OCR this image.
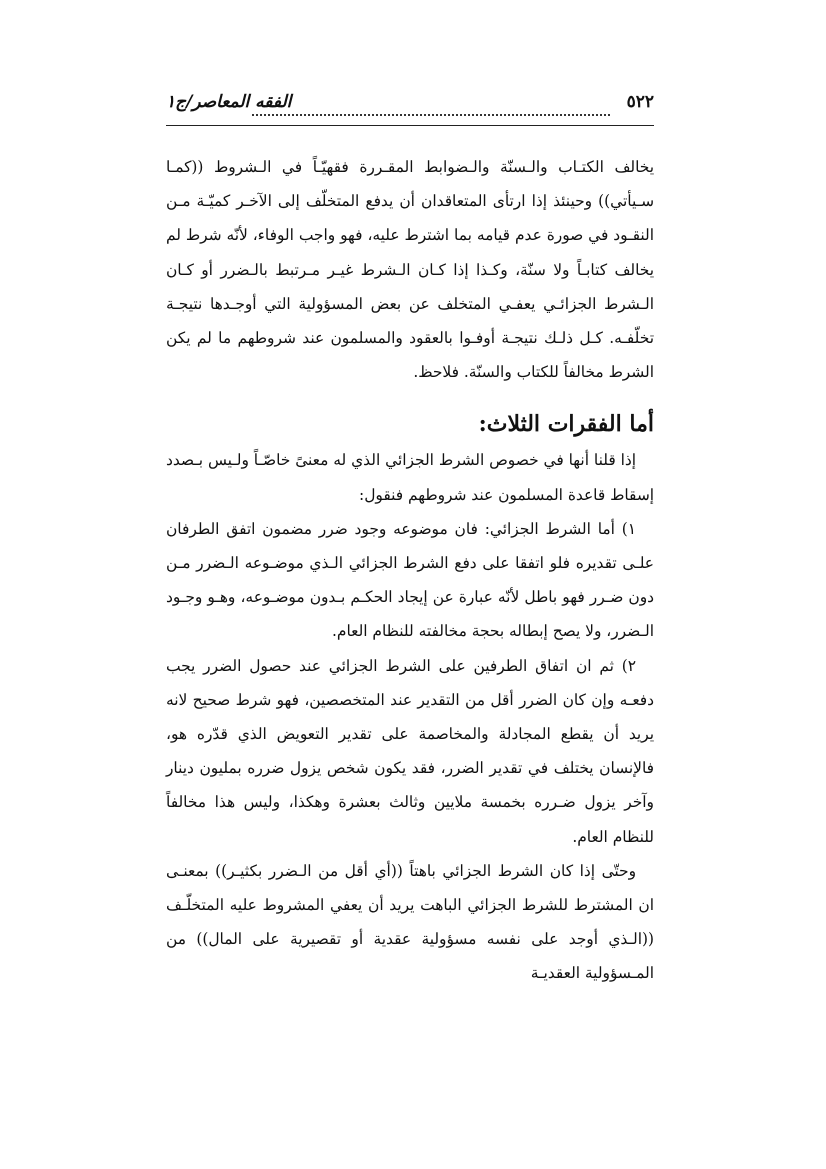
٥٢٢
الفقه المعاصر/ج١

يخالف الكتـاب والـسنّة والـضوابط المقـررة فقهيّـاً في الـشروط ((كمـا سـيأتي)) وحينئذ إذا ارتأى المتعاقدان أن يدفع المتخلّف إلى الآخـر كميّـة مـن النقـود في صورة عدم قيامه بما اشترط عليه، فهو واجب الوفاء، لأنّه شرط لم يخالف كتابـاً ولا سنّة، وكـذا إذا كـان الـشرط غيـر مـرتبط بالـضرر أو كـان الـشرط الجزائـي يعفـي المتخلف عن بعض المسؤولية التي أوجـدها نتيجـة تخلّفـه. كـل ذلـك نتيجـة أوفـوا بالعقود والمسلمون عند شروطهم ما لم يكن الشرط مخالفاً للكتاب والسنّة. فلاحظ.

أما الفقرات الثلاث:

إذا قلنا أنها في خصوص الشرط الجزائي الذي له معنىً خاصّـاً ولـيس بـصدد إسقاط قاعدة المسلمون عند شروطهم فنقول:

١) أما الشرط الجزائي: فان موضوعه وجود ضرر مضمون اتفق الطرفان علـى تقديره فلو اتفقا على دفع الشرط الجزائي الـذي موضـوعه الـضرر مـن دون ضـرر فهو باطل لأنّه عبارة عن إيجاد الحكـم بـدون موضـوعه، وهـو وجـود الـضرر، ولا يصح إبطاله بحجة مخالفته للنظام العام.

٢) ثم ان اتفاق الطرفين على الشرط الجزائي عند حصول الضرر يجب دفعـه وإن كان الضرر أقل من التقدير عند المتخصصين، فهو شرط صحيح لانه يريد أن يقطع المجادلة والمخاصمة على تقدير التعويض الذي قدّره هو، فالإنسان يختلف في تقدير الضرر، فقد يكون شخص يزول ضرره بمليون دينار وآخر يزول ضـرره بخمسة ملايين وثالث بعشرة وهكذا، وليس هذا مخالفاً للنظام العام.

وحتّى إذا كان الشرط الجزائي باهتاً ((أي أقل من الـضرر بكثيـر)) بمعنـى ان المشترط للشرط الجزائي الباهت يريد أن يعفي المشروط عليه المتخلّـف ((الـذي أوجد على نفسه مسؤولية عقدية أو تقصيرية على المال)) من المـسؤولية العقديـة
